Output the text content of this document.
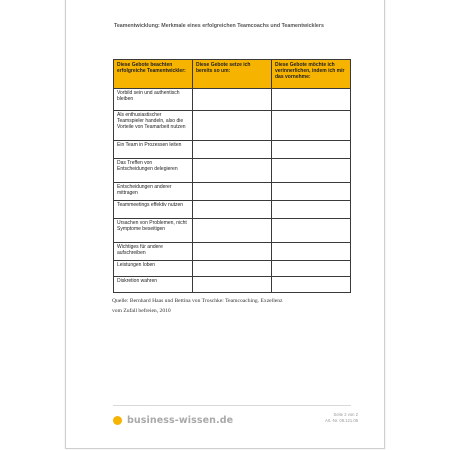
Teamentwicklung: Merkmale eines erfolgreichen Teamcoachs und Teamentwicklers
Diese Gebote beachten erfolgreiche Teamentwickler:	Diese Gebote setze ich bereits so um:	Diese Gebote möchte ich verinnerlichen, indem ich mir das vornehme:
Vorbild sein und authentisch bleiben		
Als enthusiastischer Teamspieler handeln, also die Vorteile von Teamarbeit nutzen		
Ein Team in Prozessen leiten		
Das Treffen von Entscheidungen delegieren		
Entscheidungen anderer mittragen		
Teammeetings effektiv nutzen		
Ursachen von Problemen, nicht Symptome beseitigen		
Wichtiges für andere aufschreiben		
Leistungen loben		
Diskretion wahren		
Quelle: Bernhard Haas und Bettina von Troschke: Teamcoaching. Exzellenz
vom Zufall befreien, 2010
business-wissen.de	Seite 2 von 2
Art.-Nr. 08.121.08
